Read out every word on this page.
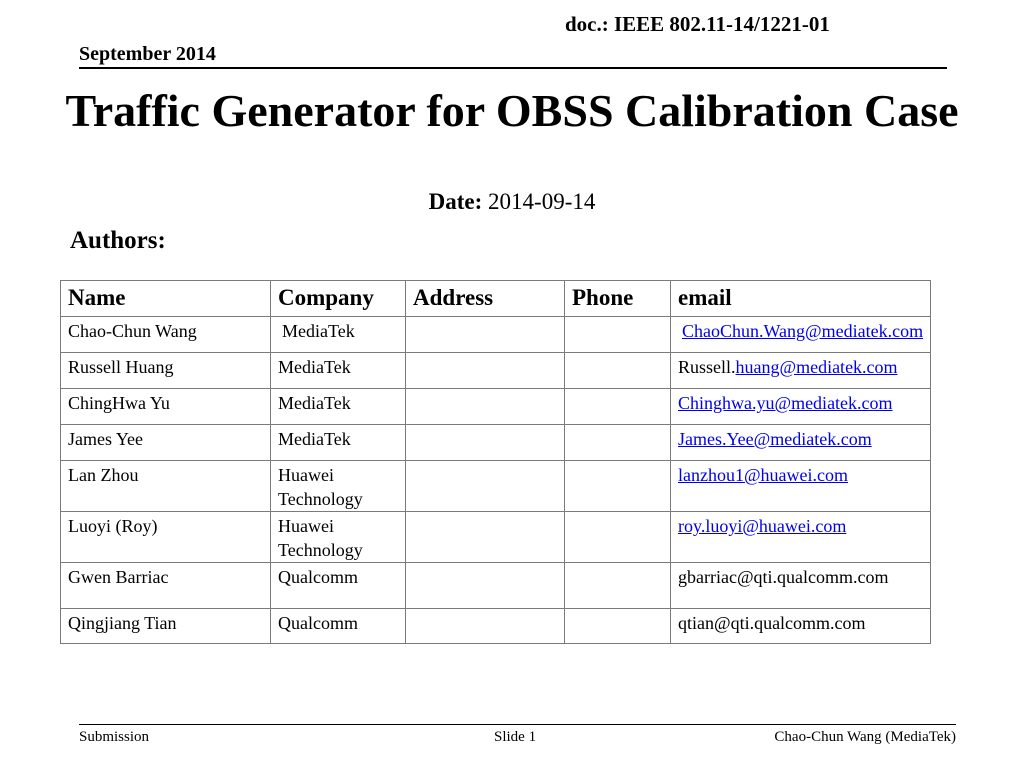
doc.: IEEE 802.11-14/1221-01
September 2014
Traffic Generator for OBSS Calibration Case
Date: 2014-09-14
Authors:
Name	Company	Address	Phone	email
Chao-Chun Wang	MediaTek			ChaoChun.Wang@mediatek.com
Russell Huang	MediaTek			Russell.huang@mediatek.com
ChingHwa Yu	MediaTek			Chinghwa.yu@mediatek.com
James Yee	MediaTek			James.Yee@mediatek.com
Lan Zhou	Huawei Technology			lanzhou1@huawei.com
Luoyi (Roy)	Huawei Technology			roy.luoyi@huawei.com
Gwen Barriac	Qualcomm			gbarriac@qti.qualcomm.com
Qingjiang Tian	Qualcomm			qtian@qti.qualcomm.com
Submission	Slide 1	Chao-Chun Wang (MediaTek)
